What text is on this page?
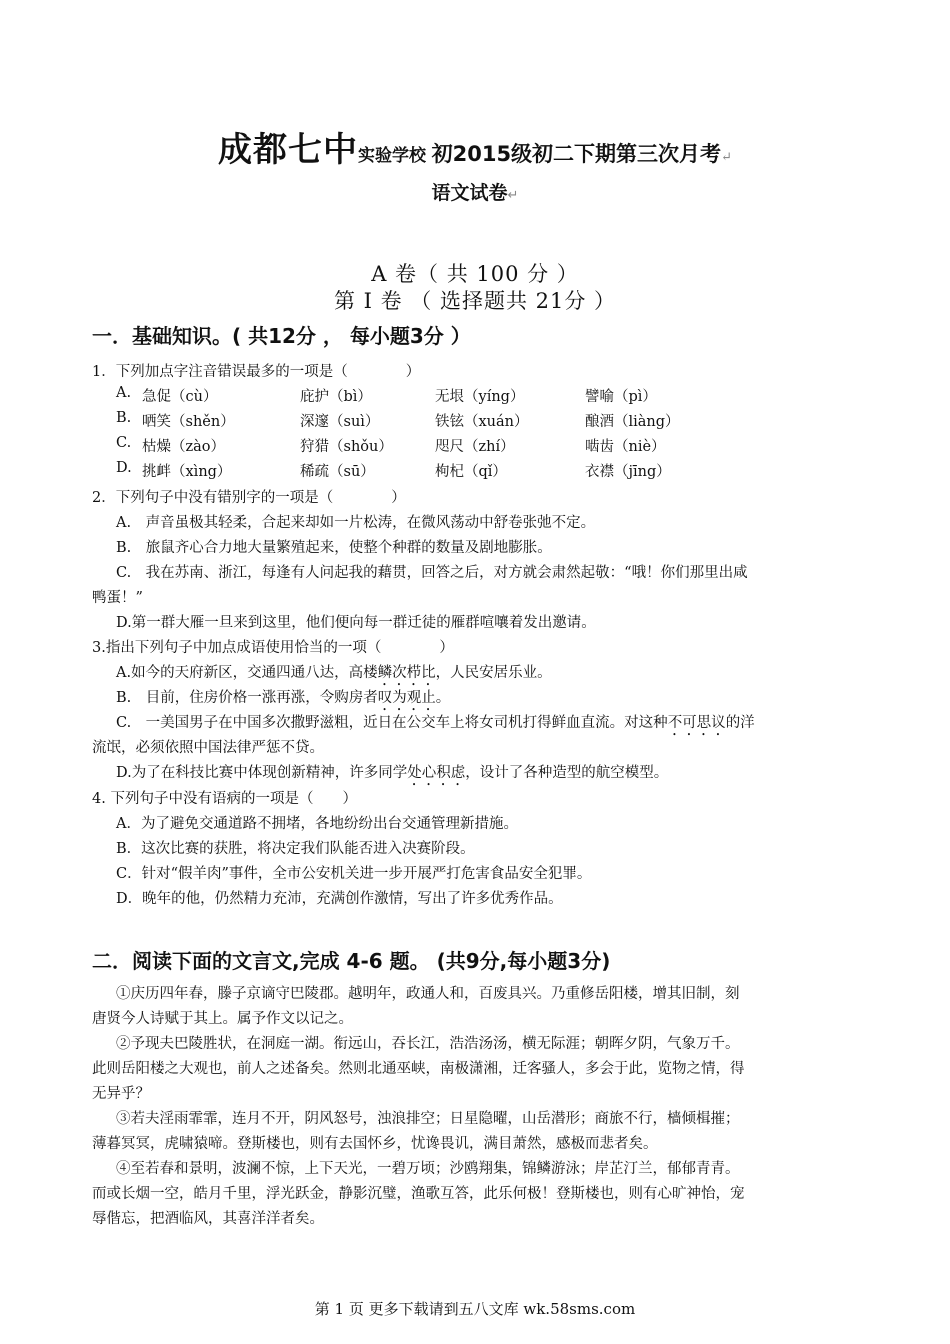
成都七中实验学校 初2015级初二下期第三次月考↵
语文试卷↵
A 卷（ 共 100 分 ）
第 I 卷 （ 选择题共 21分 ）
一．基础知识。( 共12分 ， 每小题3分 ）
1．下列加点字注音错误最多的一项是（　　　　）
A. 急促（cù）	庇护（bì）	无垠（yíng）	譬喻（pì）
B. 哂笑（shěn）	深邃（suì）	铁铉（xuán）	酿酒（liàng）
C. 枯燥（zào）	狩猎（shǒu）	咫尺（zhí）	啮齿（niè）
D. 挑衅（xìng）	稀疏（sū）	枸杞（qǐ）	衣襟（jīng）
2．下列句子中没有错别字的一项是（　　　　）
A.　声音虽极其轻柔，合起来却如一片松涛，在微风荡动中舒卷张弛不定。
B.　旅鼠齐心合力地大量繁殖起来，使整个种群的数量及剧地膨胀。
C.　我在苏南、浙江，每逢有人问起我的藉贯，回答之后，对方就会肃然起敬：“哦！你们那里出咸
鸭蛋！”
D.第一群大雁一旦来到这里，他们便向每一群迁徒的雁群喧嚷着发出邀请。
3.指出下列句子中加点成语使用恰当的一项（　　　　）
A.如今的天府新区，交通四通八达，高楼鳞次栉比，人民安居乐业。
B.　目前，住房价格一涨再涨，令购房者叹为观止。
C.　一美国男子在中国多次撒野滋粗，近日在公交车上将女司机打得鲜血直流。对这种不可思议的洋
流氓，必须依照中国法律严惩不贷。
D.为了在科技比赛中体现创新精神，许多同学处心积虑，设计了各种造型的航空模型。
4. 下列句子中没有语病的一项是（　　）
A．为了避免交通道路不拥堵，各地纷纷出台交通管理新措施。
B．这次比赛的获胜，将决定我们队能否进入决赛阶段。
C．针对“假羊肉”事件，全市公安机关进一步开展严打危害食品安全犯罪。
D．晚年的他，仍然精力充沛，充满创作激情，写出了许多优秀作品。
二．阅读下面的文言文,完成 4-6 题。 (共9分,每小题3分)
①庆历四年春，滕子京谪守巴陵郡。越明年，政通人和，百废具兴。乃重修岳阳楼，增其旧制，刻
唐贤今人诗赋于其上。属予作文以记之。
②予现夫巴陵胜状，在洞庭一湖。衔远山，吞长江，浩浩汤汤，横无际涯；朝晖夕阴，气象万千。
此则岳阳楼之大观也，前人之述备矣。然则北通巫峡，南极潇湘，迁客骚人，多会于此，览物之情，得
无异乎？
③若夫淫雨霏霏，连月不开，阴风怒号，浊浪排空；日星隐曜，山岳潜形；商旅不行，樯倾楫摧；
薄暮冥冥，虎啸猿啼。登斯楼也，则有去国怀乡，忧谗畏讥，满目萧然，感极而悲者矣。
④至若春和景明，波澜不惊，上下天光，一碧万顷；沙鸥翔集，锦鳞游泳；岸芷汀兰，郁郁青青。
而或长烟一空，皓月千里，浮光跃金，静影沉璧，渔歌互答，此乐何极！登斯楼也，则有心旷神怡，宠
辱偕忘，把酒临风，其喜洋洋者矣。
第 1 页 更多下载请到五八文库 wk.58sms.com
